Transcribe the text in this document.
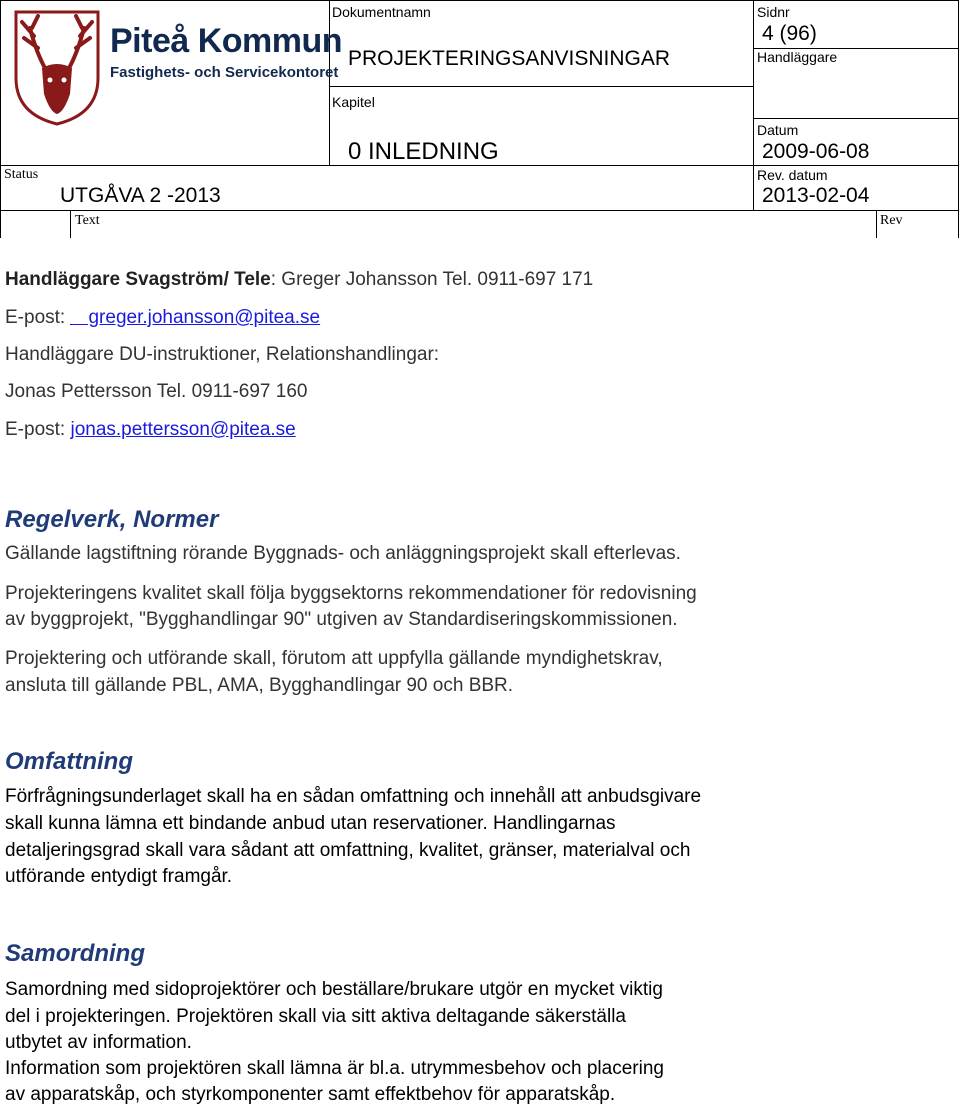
Piteå Kommun
Fastighets- och Servicekontoret
Dokumentnamn
PROJEKTERINGSANVISNINGAR
Kapitel
0 INLEDNING
Sidnr
4 (96)
Handläggare
Datum
2009-06-08
Rev. datum
2013-02-04
Status
UTGÅVA 2 -2013
Text	Rev
Handläggare Svagström/ Tele: Greger Johansson Tel. 0911-697 171
E-post: greger.johansson@pitea.se
Handläggare DU-instruktioner, Relationshandlingar:
Jonas Pettersson Tel. 0911-697 160
E-post: jonas.pettersson@pitea.se
Regelverk, Normer
Gällande lagstiftning rörande Byggnads- och anläggningsprojekt skall efterlevas.
Projekteringens kvalitet skall följa byggsektorns rekommendationer för redovisning
av byggprojekt, "Bygghandlingar 90" utgiven av Standardiseringskommissionen.
Projektering och utförande skall, förutom att uppfylla gällande myndighetskrav,
ansluta till gällande PBL, AMA, Bygghandlingar 90 och BBR.
Omfattning
Förfrågningsunderlaget skall ha en sådan omfattning och innehåll att anbudsgivare
skall kunna lämna ett bindande anbud utan reservationer. Handlingarnas
detaljeringsgrad skall vara sådant att omfattning, kvalitet, gränser, materialval och
utförande entydigt framgår.
Samordning
Samordning med sidoprojektörer och beställare/brukare utgör en mycket viktig
del i projekteringen. Projektören skall via sitt aktiva deltagande säkerställa
utbytet av information.
Information som projektören skall lämna är bl.a. utrymmesbehov och placering
av apparatskåp, och styrkomponenter samt effektbehov för apparatskåp.
